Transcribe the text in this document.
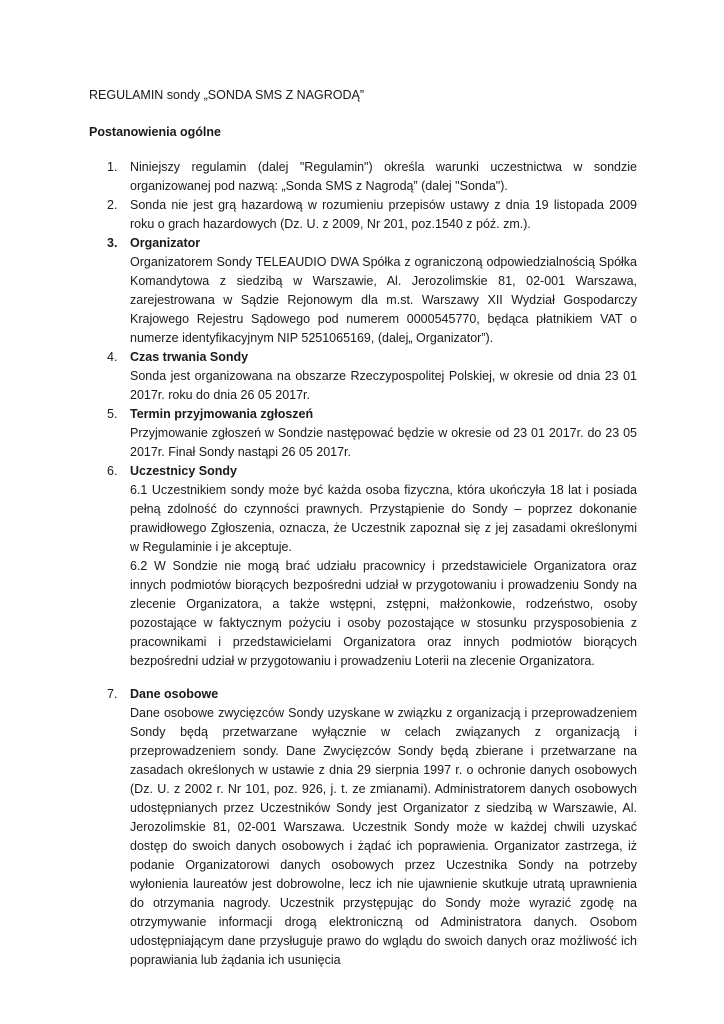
REGULAMIN sondy „SONDA SMS Z NAGRODĄ”
Postanowienia ogólne
1. Niniejszy regulamin (dalej "Regulamin") określa warunki uczestnictwa w sondzie organizowanej pod nazwą: „Sonda SMS z Nagrodą” (dalej "Sonda").

2. Sonda nie jest grą hazardową w rozumieniu przepisów ustawy z dnia 19 listopada 2009 roku o grach hazardowych (Dz. U. z 2009, Nr 201, poz.1540 z póź. zm.).

3. Organizator

Organizatorem Sondy TELEAUDIO DWA Spółka z ograniczoną odpowiedzialnością Spółka Komandytowa z siedzibą w Warszawie, Al. Jerozolimskie 81, 02-001 Warszawa, zarejestrowana w Sądzie Rejonowym dla m.st. Warszawy XII Wydział Gospodarczy Krajowego Rejestru Sądowego pod numerem 0000545770, będąca płatnikiem VAT o numerze identyfikacyjnym NIP 5251065169, (dalej„ Organizator”).

4. Czas trwania Sondy

Sonda jest organizowana na obszarze Rzeczypospolitej Polskiej, w okresie od dnia 23 01 2017r. roku do dnia 26 05 2017r.

5. Termin przyjmowania zgłoszeń

Przyjmowanie zgłoszeń w Sondzie następować będzie w okresie od 23 01 2017r. do 23 05 2017r. Finał Sondy nastąpi 26 05 2017r.

6. Uczestnicy Sondy

6.1 Uczestnikiem sondy może być każda osoba fizyczna, która ukończyła 18 lat i posiada pełną zdolność do czynności prawnych. Przystąpienie do Sondy – poprzez dokonanie prawidłowego Zgłoszenia, oznacza, że Uczestnik zapoznał się z jej zasadami określonymi w Regulaminie i je akceptuje.

6.2 W Sondzie nie mogą brać udziału pracownicy i przedstawiciele Organizatora oraz innych podmiotów biorących bezpośredni udział w przygotowaniu i prowadzeniu Sondy na zlecenie Organizatora, a także wstępni, zstępni, małżonkowie, rodzeństwo, osoby pozostające w faktycznym pożyciu i osoby pozostające w stosunku przysposobienia z pracownikami i przedstawicielami Organizatora oraz innych podmiotów biorących bezpośredni udział w przygotowaniu i prowadzeniu Loterii na zlecenie Organizatora.

7. Dane osobowe

Dane osobowe zwycięzców Sondy uzyskane w związku z organizacją i przeprowadzeniem Sondy będą przetwarzane wyłącznie w celach związanych z organizacją i przeprowadzeniem sondy. Dane Zwycięzców Sondy będą zbierane i przetwarzane na zasadach określonych w ustawie z dnia 29 sierpnia 1997 r. o ochronie danych osobowych (Dz. U. z 2002 r. Nr 101, poz. 926, j. t. ze zmianami). Administratorem danych osobowych udostępnianych przez Uczestników Sondy jest Organizator z siedzibą w Warszawie, Al. Jerozolimskie 81, 02-001 Warszawa. Uczestnik Sondy może w każdej chwili uzyskać dostęp do swoich danych osobowych i żądać ich poprawienia. Organizator zastrzega, iż podanie Organizatorowi danych osobowych przez Uczestnika Sondy na potrzeby wyłonienia laureatów jest dobrowolne, lecz ich nie ujawnienie skutkuje utratą uprawnienia do otrzymania nagrody. Uczestnik przystępując do Sondy może wyrazić zgodę na otrzymywanie informacji drogą elektroniczną od Administratora danych. Osobom udostępniającym dane przysługuje prawo do wglądu do swoich danych oraz możliwość ich poprawiania lub żądania ich usunięcia
